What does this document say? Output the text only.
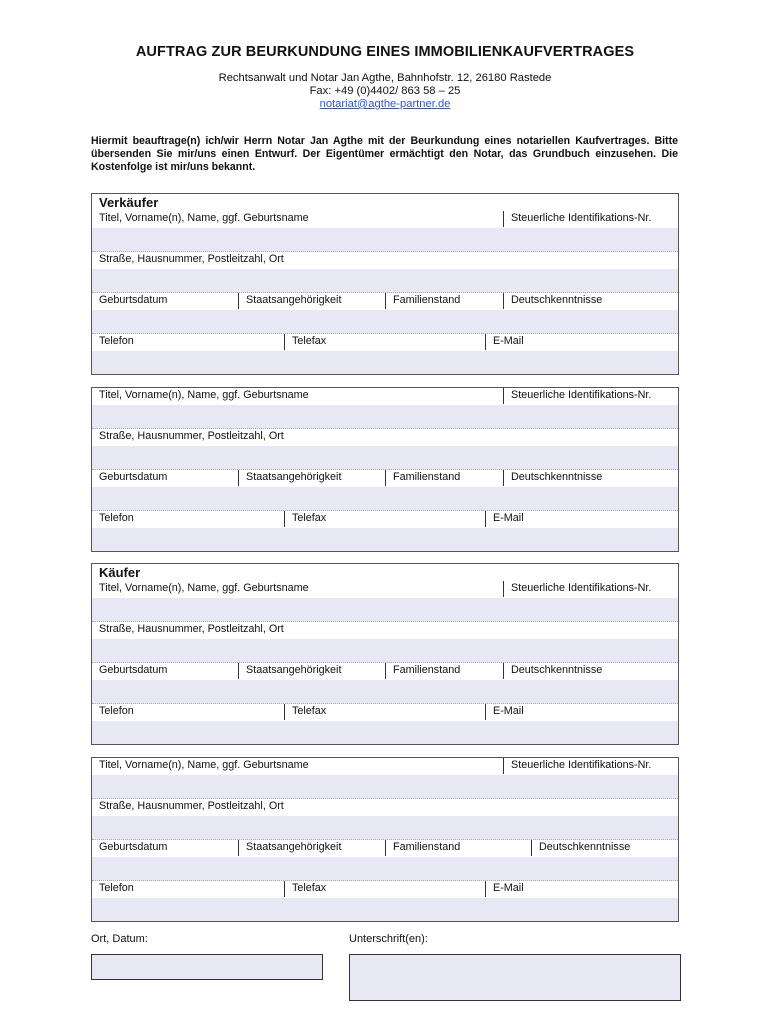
AUFTRAG ZUR BEURKUNDUNG EINES IMMOBILIENKAUFVERTRAGES
Rechtsanwalt und Notar Jan Agthe, Bahnhofstr. 12, 26180 Rastede
Fax: +49 (0)4402/ 863 58 – 25
notariat@agthe-partner.de
Hiermit beauftrage(n) ich/wir Herrn Notar Jan Agthe mit der Beurkundung eines notariellen Kaufvertrages. Bitte übersenden Sie mir/uns einen Entwurf. Der Eigentümer ermächtigt den Notar, das Grundbuch einzusehen. Die Kostenfolge ist mir/uns bekannt.
Verkäufer
Titel, Vorname(n), Name, ggf. Geburtsname	Steuerliche Identifikations-Nr.
Straße, Hausnummer, Postleitzahl, Ort
Geburtsdatum	Staatsangehörigkeit	Familienstand	Deutschkenntnisse
Telefon	Telefax	E-Mail
Titel, Vorname(n), Name, ggf. Geburtsname	Steuerliche Identifikations-Nr.
Straße, Hausnummer, Postleitzahl, Ort
Geburtsdatum	Staatsangehörigkeit	Familienstand	Deutschkenntnisse
Telefon	Telefax	E-Mail
Käufer
Titel, Vorname(n), Name, ggf. Geburtsname	Steuerliche Identifikations-Nr.
Straße, Hausnummer, Postleitzahl, Ort
Geburtsdatum	Staatsangehörigkeit	Familienstand	Deutschkenntnisse
Telefon	Telefax	E-Mail
Titel, Vorname(n), Name, ggf. Geburtsname	Steuerliche Identifikations-Nr.
Straße, Hausnummer, Postleitzahl, Ort
Geburtsdatum	Staatsangehörigkeit	Familienstand	Deutschkenntnisse
Telefon	Telefax	E-Mail
Ort, Datum:	Unterschrift(en):
